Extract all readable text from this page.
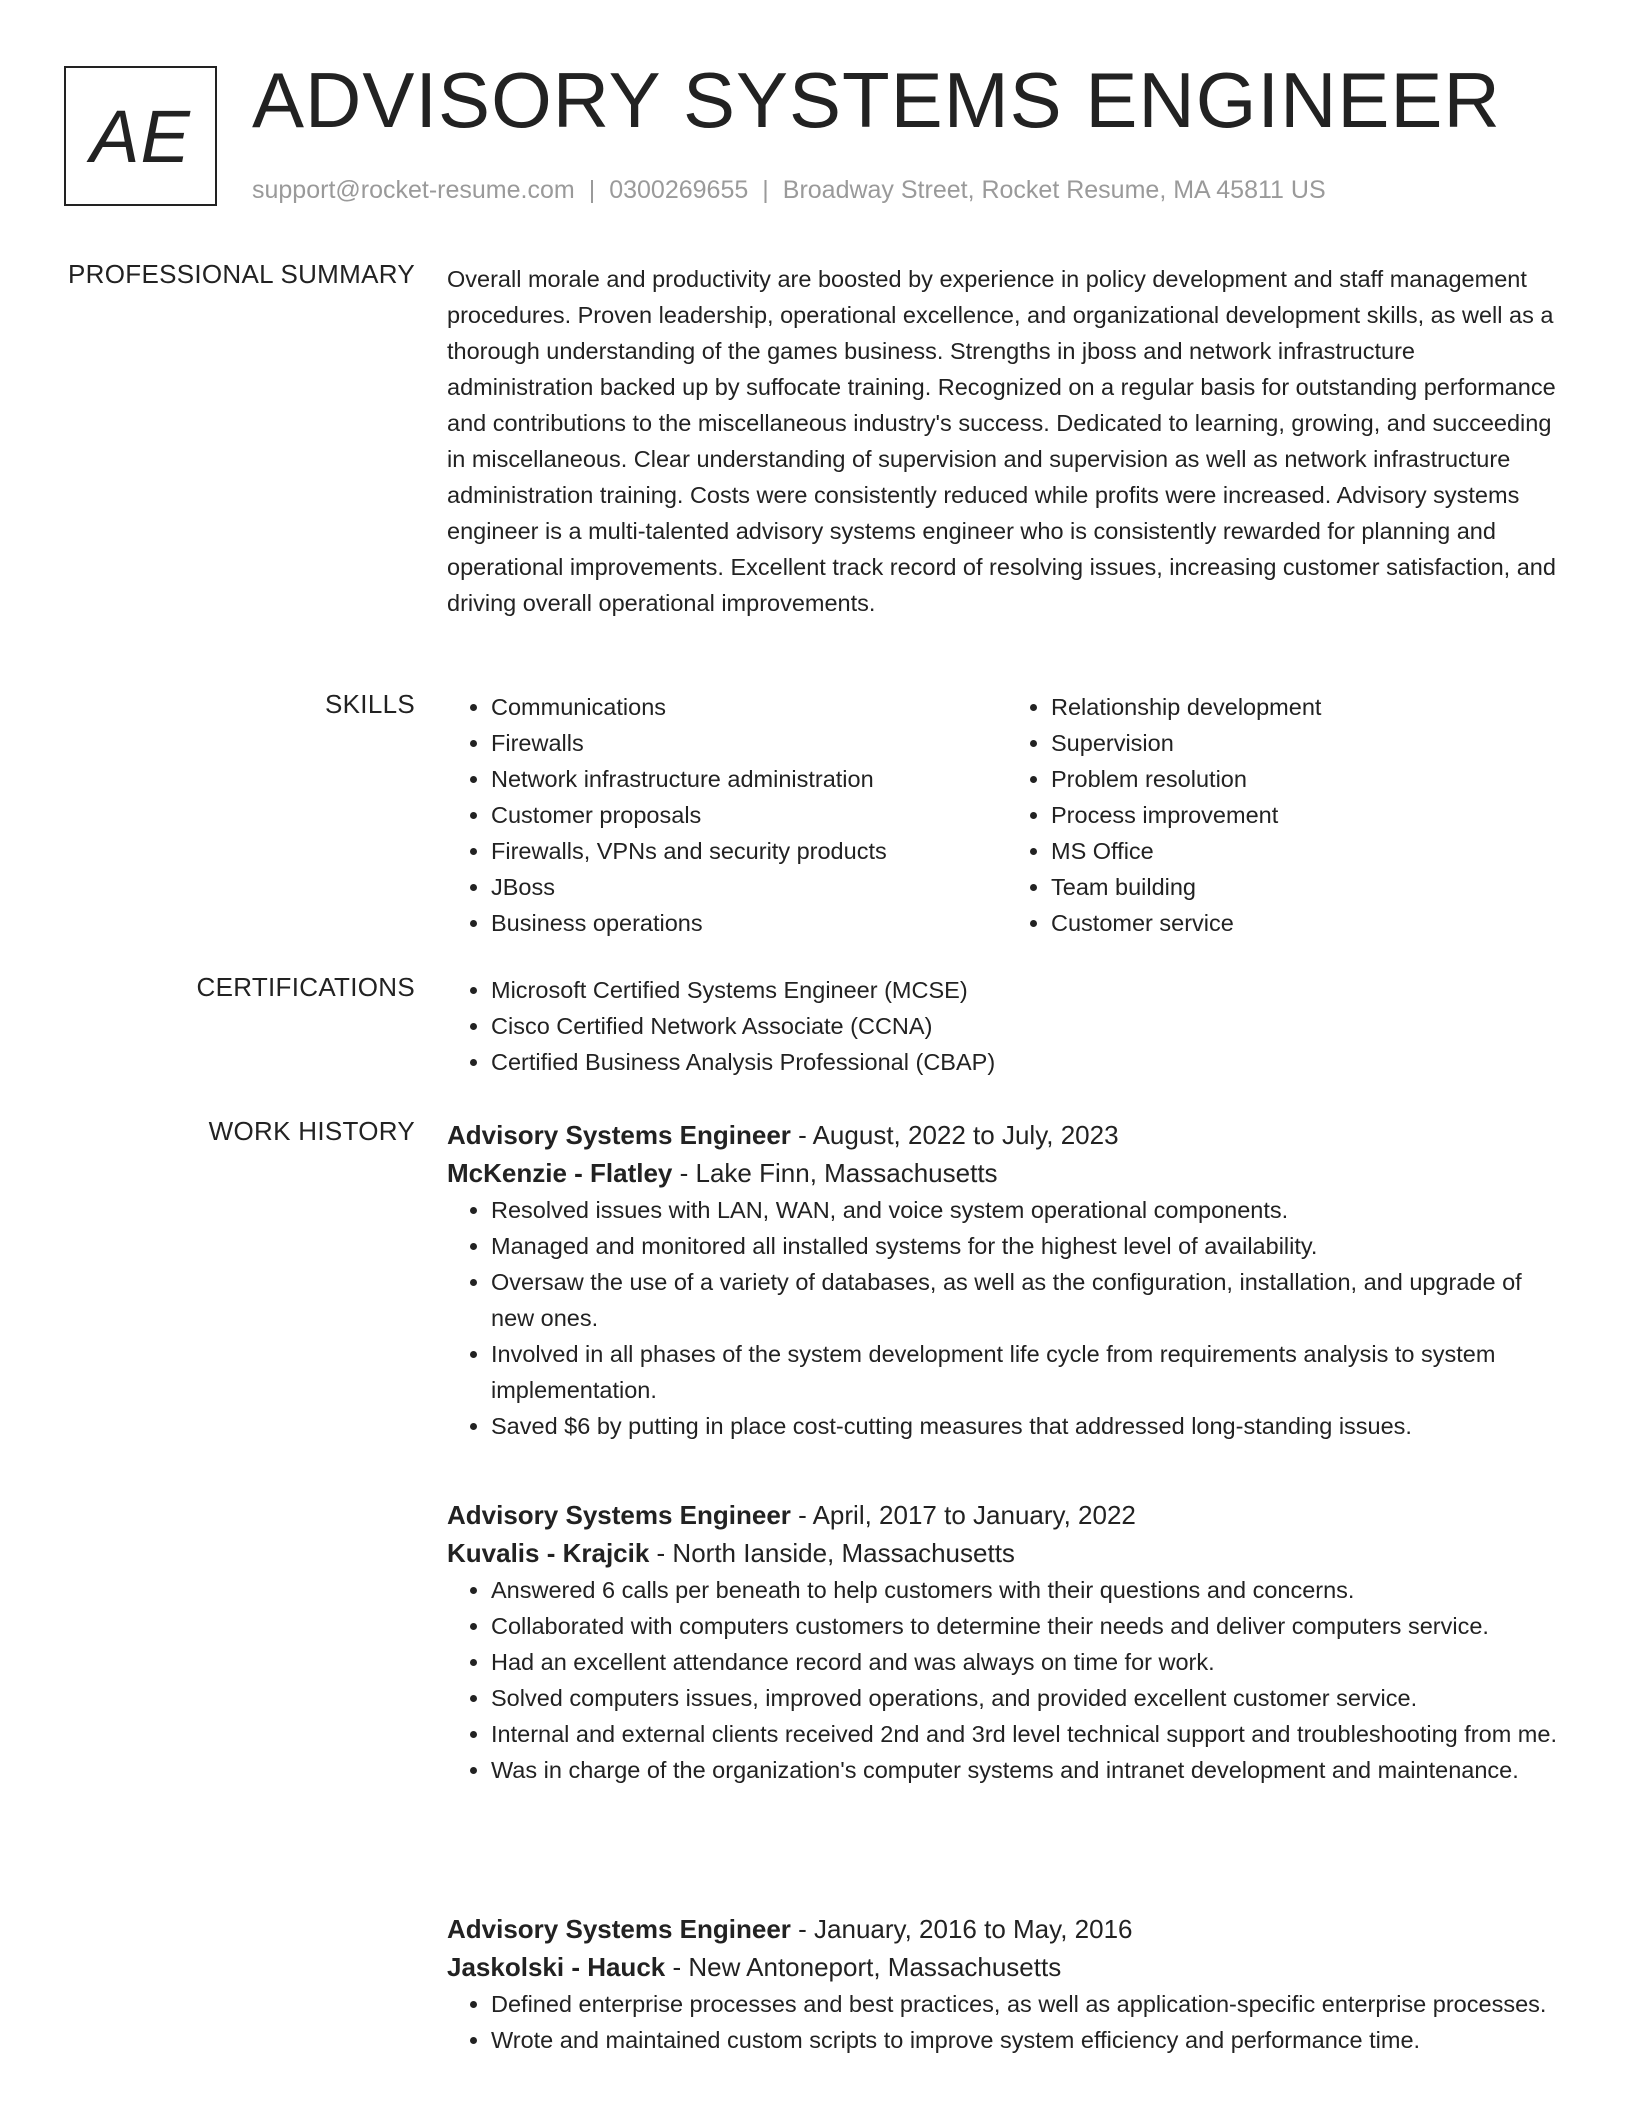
AE ADVISORY SYSTEMS ENGINEER
support@rocket-resume.com | 0300269655 | Broadway Street, Rocket Resume, MA 45811 US
PROFESSIONAL SUMMARY Overall morale and productivity are boosted by experience in policy development and staff management procedures. Proven leadership, operational excellence, and organizational development skills, as well as a thorough understanding of the games business. Strengths in jboss and network infrastructure administration backed up by suffocate training. Recognized on a regular basis for outstanding performance and contributions to the miscellaneous industry's success. Dedicated to learning, growing, and succeeding in miscellaneous. Clear understanding of supervision and supervision as well as network infrastructure administration training. Costs were consistently reduced while profits were increased. Advisory systems engineer is a multi-talented advisory systems engineer who is consistently rewarded for planning and operational improvements. Excellent track record of resolving issues, increasing customer satisfaction, and driving overall operational improvements.
SKILLS	• Communications
• Firewalls
• Network infrastructure administration
• Customer proposals
• Firewalls, VPNs and security products
• JBoss
• Business operations
• Relationship development
• Supervision
• Problem resolution
• Process improvement
• MS Office
• Team building
• Customer service
CERTIFICATIONS	• Microsoft Certified Systems Engineer (MCSE)
• Cisco Certified Network Associate (CCNA)
• Certified Business Analysis Professional (CBAP)
WORK HISTORY Advisory Systems Engineer - August, 2022 to July, 2023
McKenzie - Flatley - Lake Finn, Massachusetts
• Resolved issues with LAN, WAN, and voice system operational components.
• Managed and monitored all installed systems for the highest level of availability.
• Oversaw the use of a variety of databases, as well as the configuration, installation, and upgrade of new ones.
• Involved in all phases of the system development life cycle from requirements analysis to system implementation.
• Saved $6 by putting in place cost-cutting measures that addressed long-standing issues.
Advisory Systems Engineer - April, 2017 to January, 2022
Kuvalis - Krajcik - North Ianside, Massachusetts
• Answered 6 calls per beneath to help customers with their questions and concerns.
• Collaborated with computers customers to determine their needs and deliver computers service.
• Had an excellent attendance record and was always on time for work.
• Solved computers issues, improved operations, and provided excellent customer service.
• Internal and external clients received 2nd and 3rd level technical support and troubleshooting from me.
• Was in charge of the organization's computer systems and intranet development and maintenance.
Advisory Systems Engineer - January, 2016 to May, 2016
Jaskolski - Hauck - New Antoneport, Massachusetts
• Defined enterprise processes and best practices, as well as application-specific enterprise processes.
• Wrote and maintained custom scripts to improve system efficiency and performance time.
